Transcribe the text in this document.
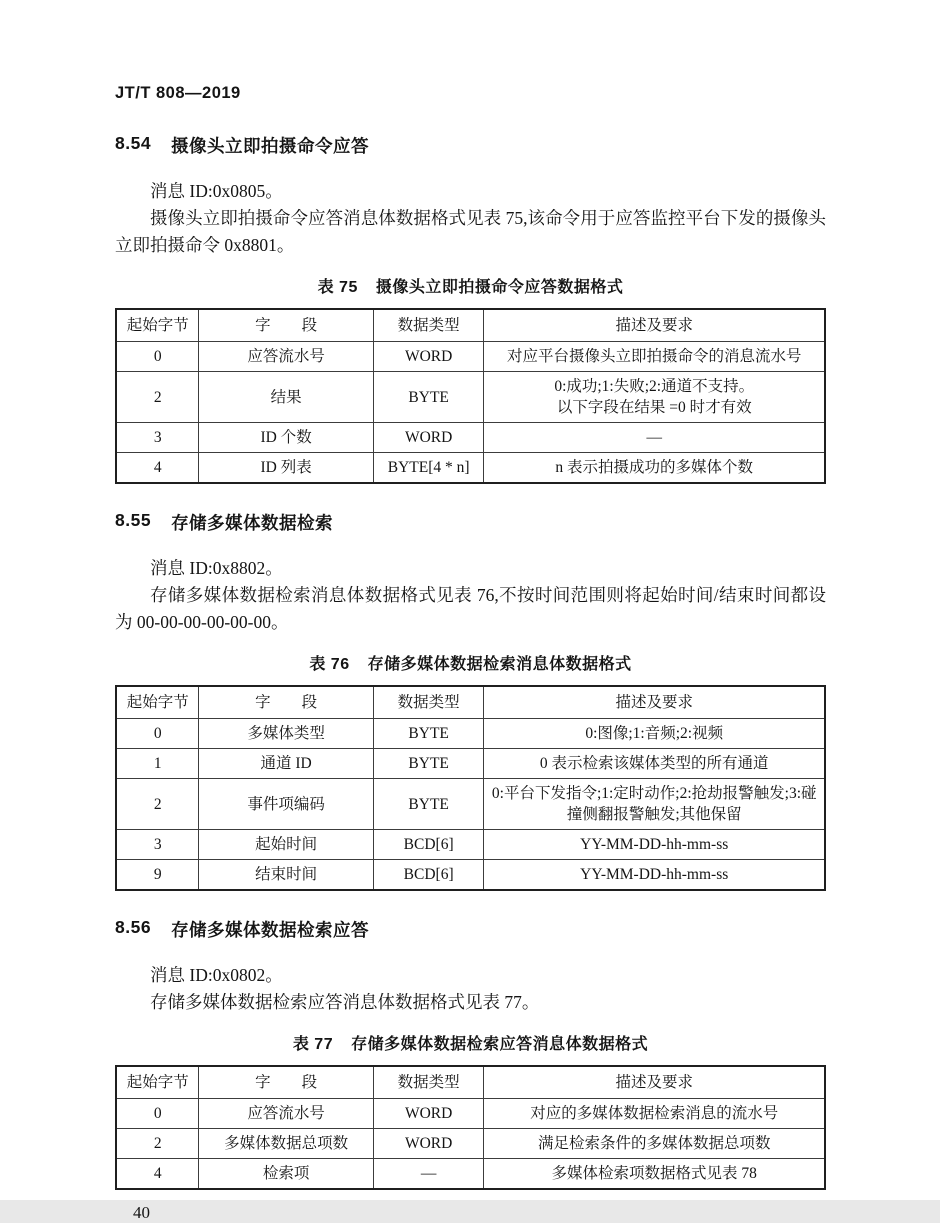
JT/T 808—2019
8.54 摄像头立即拍摄命令应答

消息 ID:0x0805。

摄像头立即拍摄命令应答消息体数据格式见表 75,该命令用于应答监控平台下发的摄像头立即拍摄命令 0x8801。

表 75 摄像头立即拍摄命令应答数据格式
起始字节	字　　段	数据类型	描述及要求
0	应答流水号	WORD	对应平台摄像头立即拍摄命令的消息流水号
2	结果	BYTE	0:成功;1:失败;2:通道不支持。
以下字段在结果 =0 时才有效
3	ID 个数	WORD	—
4	ID 列表	BYTE[4 * n]	n 表示拍摄成功的多媒体个数
8.55 存储多媒体数据检索

消息 ID:0x8802。

存储多媒体数据检索消息体数据格式见表 76,不按时间范围则将起始时间/结束时间都设为 00-00-00-00-00-00。

表 76 存储多媒体数据检索消息体数据格式
起始字节	字　　段	数据类型	描述及要求
0	多媒体类型	BYTE	0:图像;1:音频;2:视频
1	通道 ID	BYTE	0 表示检索该媒体类型的所有通道
2	事件项编码	BYTE	0:平台下发指令;1:定时动作;2:抢劫报警触发;3:碰撞侧翻报警触发;其他保留
3	起始时间	BCD[6]	YY-MM-DD-hh-mm-ss
9	结束时间	BCD[6]	YY-MM-DD-hh-mm-ss
8.56 存储多媒体数据检索应答

消息 ID:0x0802。

存储多媒体数据检索应答消息体数据格式见表 77。

表 77 存储多媒体数据检索应答消息体数据格式
起始字节	字　　段	数据类型	描述及要求
0	应答流水号	WORD	对应的多媒体数据检索消息的流水号
2	多媒体数据总项数	WORD	满足检索条件的多媒体数据总项数
4	检索项	—	多媒体检索项数据格式见表 78
40
